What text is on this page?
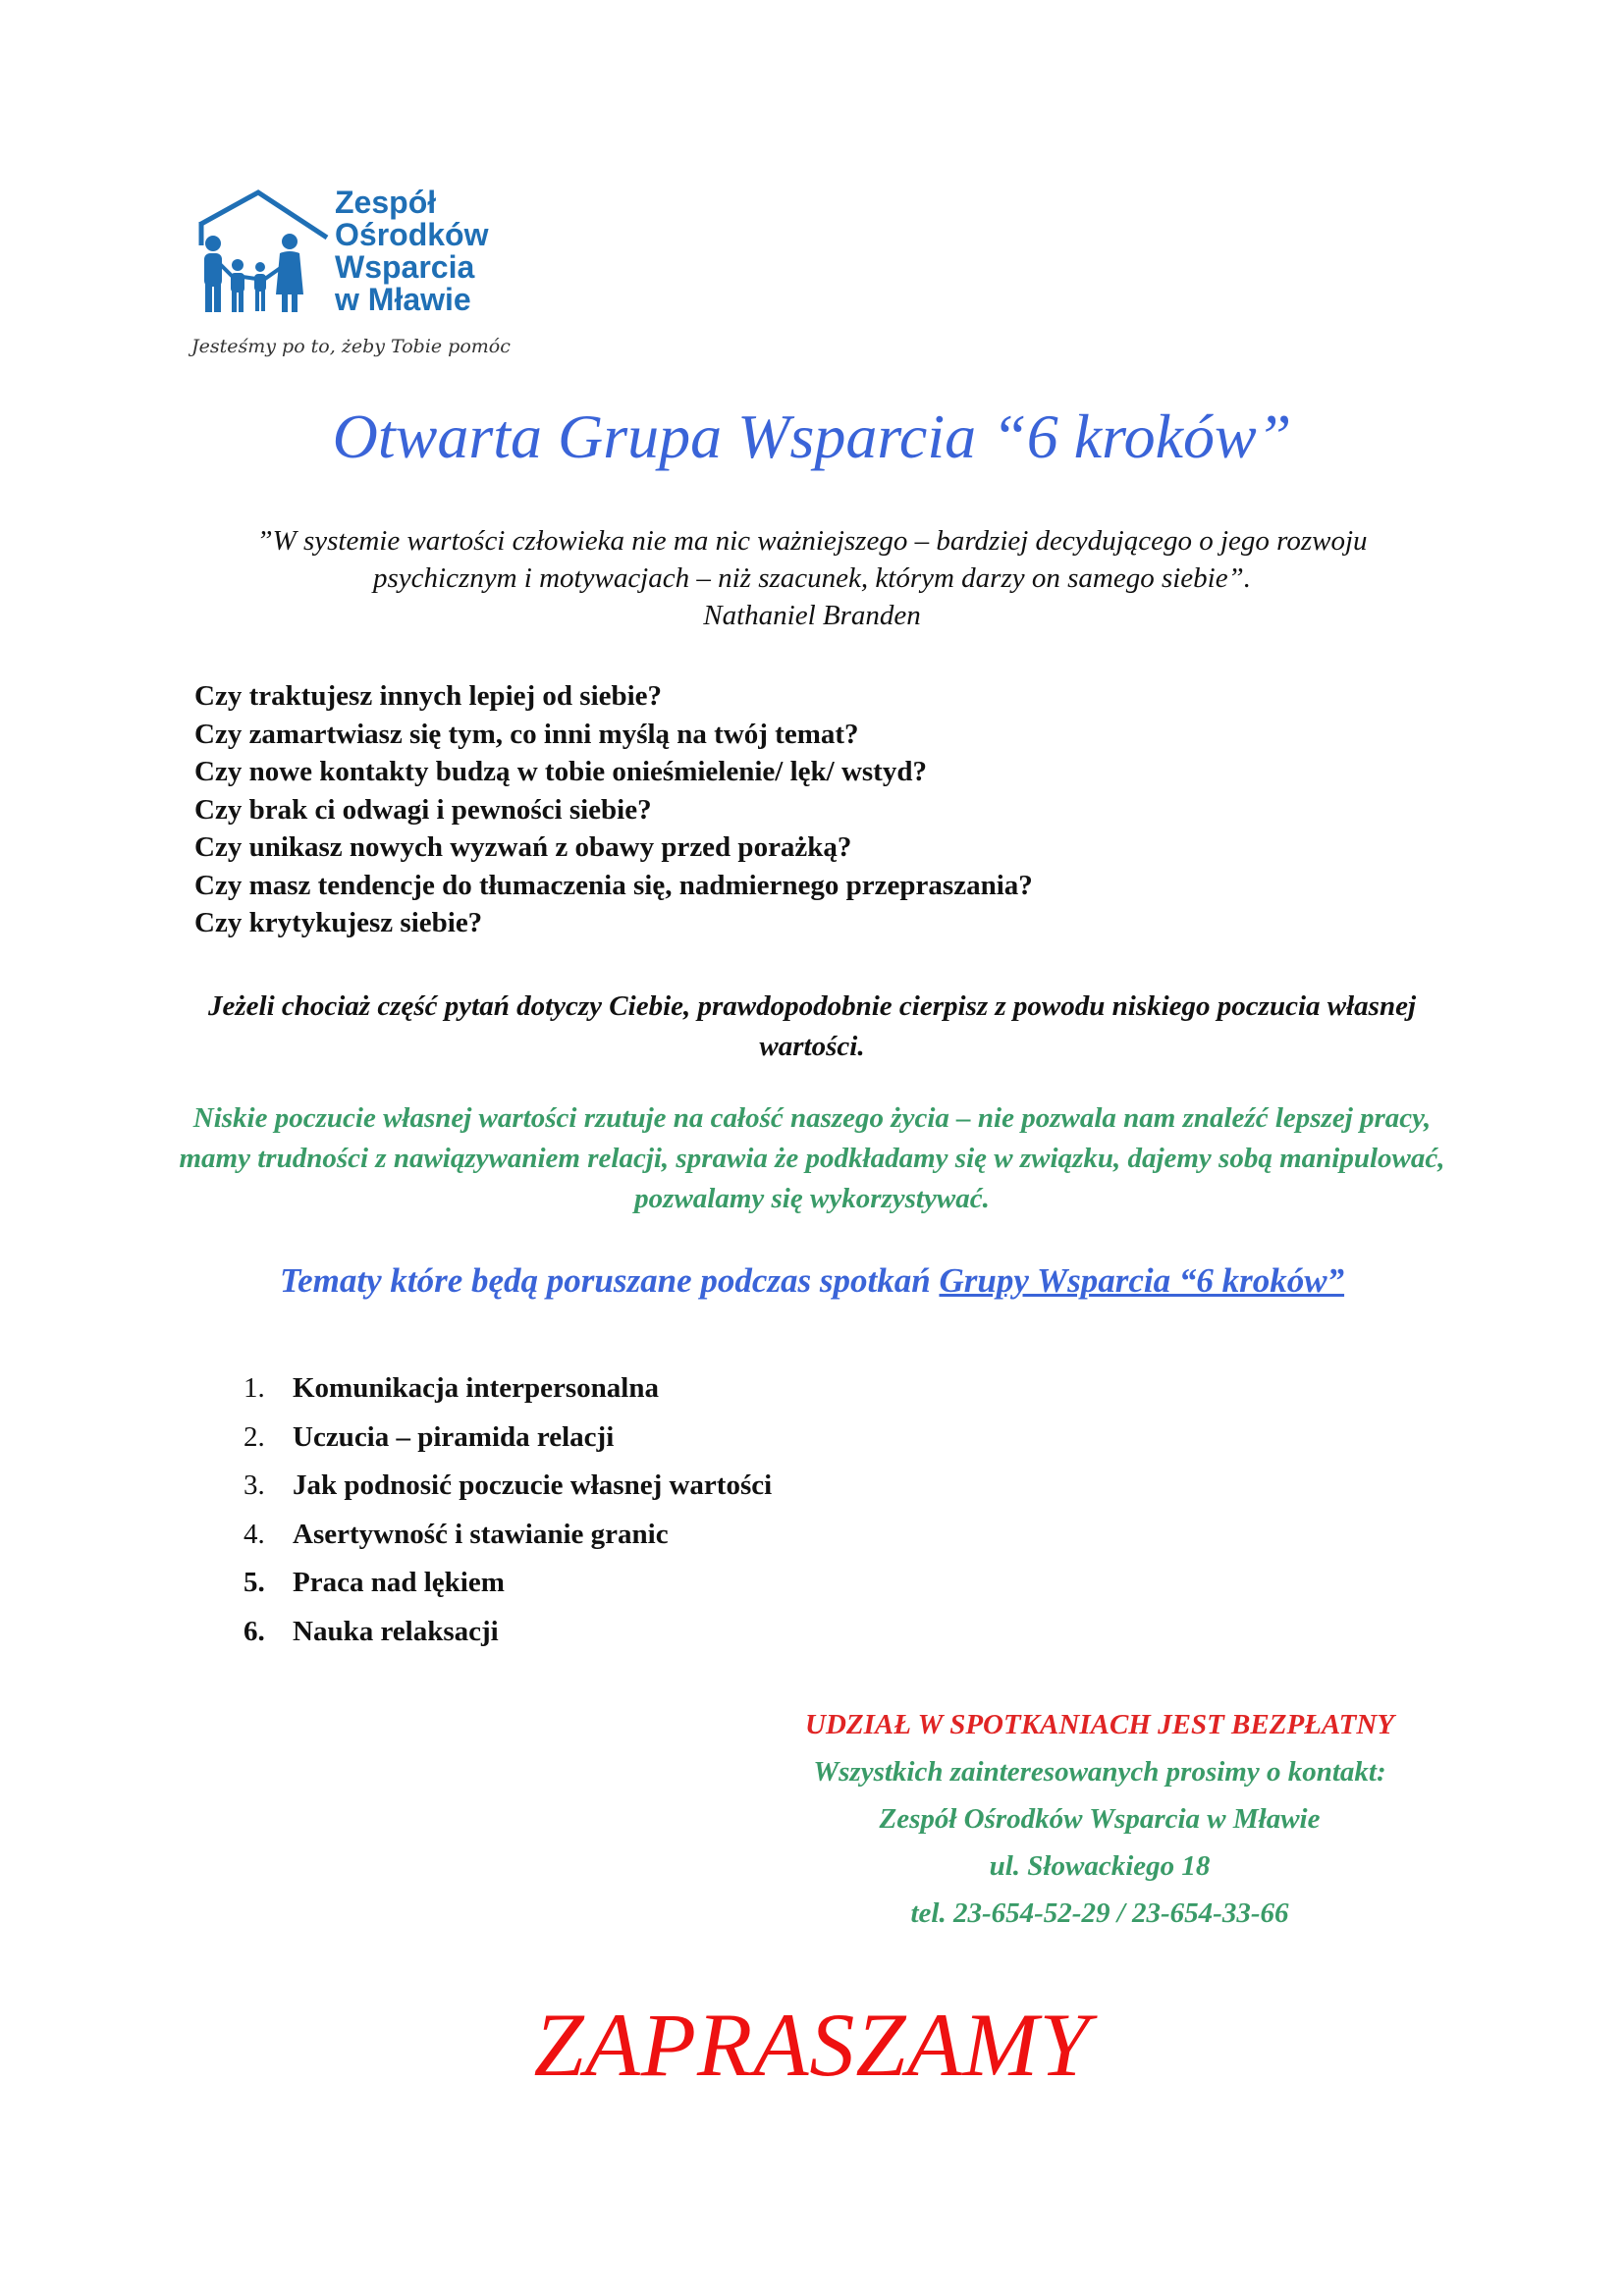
Zespół
Ośrodków
Wsparcia
w Mławie
Jesteśmy po to, żeby Tobie pomóc
Otwarta Grupa Wsparcia “6 kroków”

”W systemie wartości człowieka nie ma nic ważniejszego – bardziej decydującego o jego rozwoju psychicznym i motywacjach – niż szacunek, którym darzy on samego siebie”.
Nathaniel Branden

Czy traktujesz innych lepiej od siebie?
Czy zamartwiasz się tym, co inni myślą na twój temat?
Czy nowe kontakty budzą w tobie onieśmielenie/ lęk/ wstyd?
Czy brak ci odwagi i pewności siebie?
Czy unikasz nowych wyzwań z obawy przed porażką?
Czy masz tendencje do tłumaczenia się, nadmiernego przepraszania?
Czy krytykujesz siebie?

Jeżeli chociaż część pytań dotyczy Ciebie, prawdopodobnie cierpisz z powodu niskiego poczucia własnej wartości.

Niskie poczucie własnej wartości rzutuje na całość naszego życia – nie pozwala nam znaleźć lepszej pracy, mamy trudności z nawiązywaniem relacji, sprawia że podkładamy się w związku, dajemy sobą manipulować, pozwalamy się wykorzystywać.

Tematy które będą poruszane podczas spotkań Grupy Wsparcia “6 kroków”

1. Komunikacja interpersonalna
2. Uczucia – piramida relacji
3. Jak podnosić poczucie własnej wartości
4. Asertywność i stawianie granic
5. Praca nad lękiem
6. Nauka relaksacji
UDZIAŁ W SPOTKANIACH JEST BEZPŁATNY
Wszystkich zainteresowanych prosimy o kontakt:
Zespół Ośrodków Wsparcia w Mławie
ul. Słowackiego 18
tel. 23-654-52-29 / 23-654-33-66

ZAPRASZAMY
